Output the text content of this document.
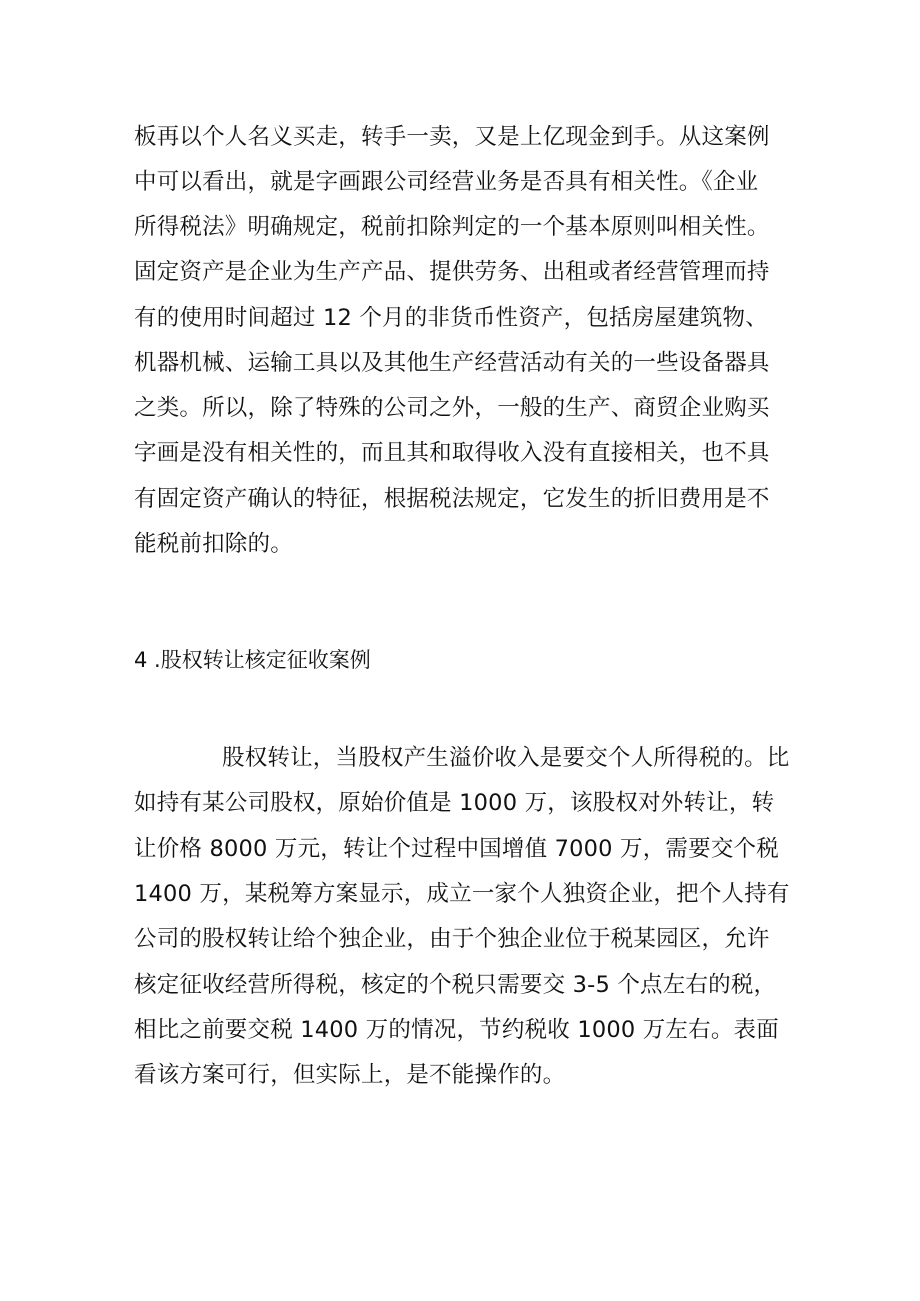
板再以个人名义买走，转手一卖，又是上亿现金到手。从这案例
中可以看出，就是字画跟公司经营业务是否具有相关性。《企业
所得税法》明确规定，税前扣除判定的一个基本原则叫相关性。
固定资产是企业为生产产品、提供劳务、出租或者经营管理而持
有的使用时间超过 12 个月的非货币性资产，包括房屋建筑物、
机器机械、运输工具以及其他生产经营活动有关的一些设备器具
之类。所以，除了特殊的公司之外，一般的生产、商贸企业购买
字画是没有相关性的，而且其和取得收入没有直接相关，也不具
有固定资产确认的特征，根据税法规定，它发生的折旧费用是不
能税前扣除的。
4 .股权转让核定征收案例
股权转让，当股权产生溢价收入是要交个人所得税的。比
如持有某公司股权，原始价值是 1000 万，该股权对外转让，转
让价格 8000 万元，转让个过程中国增值 7000 万，需要交个税
1400 万，某税筹方案显示，成立一家个人独资企业，把个人持有
公司的股权转让给个独企业，由于个独企业位于税某园区，允许
核定征收经营所得税，核定的个税只需要交 3-5 个点左右的税，
相比之前要交税 1400 万的情况，节约税收 1000 万左右。表面
看该方案可行，但实际上，是不能操作的。
